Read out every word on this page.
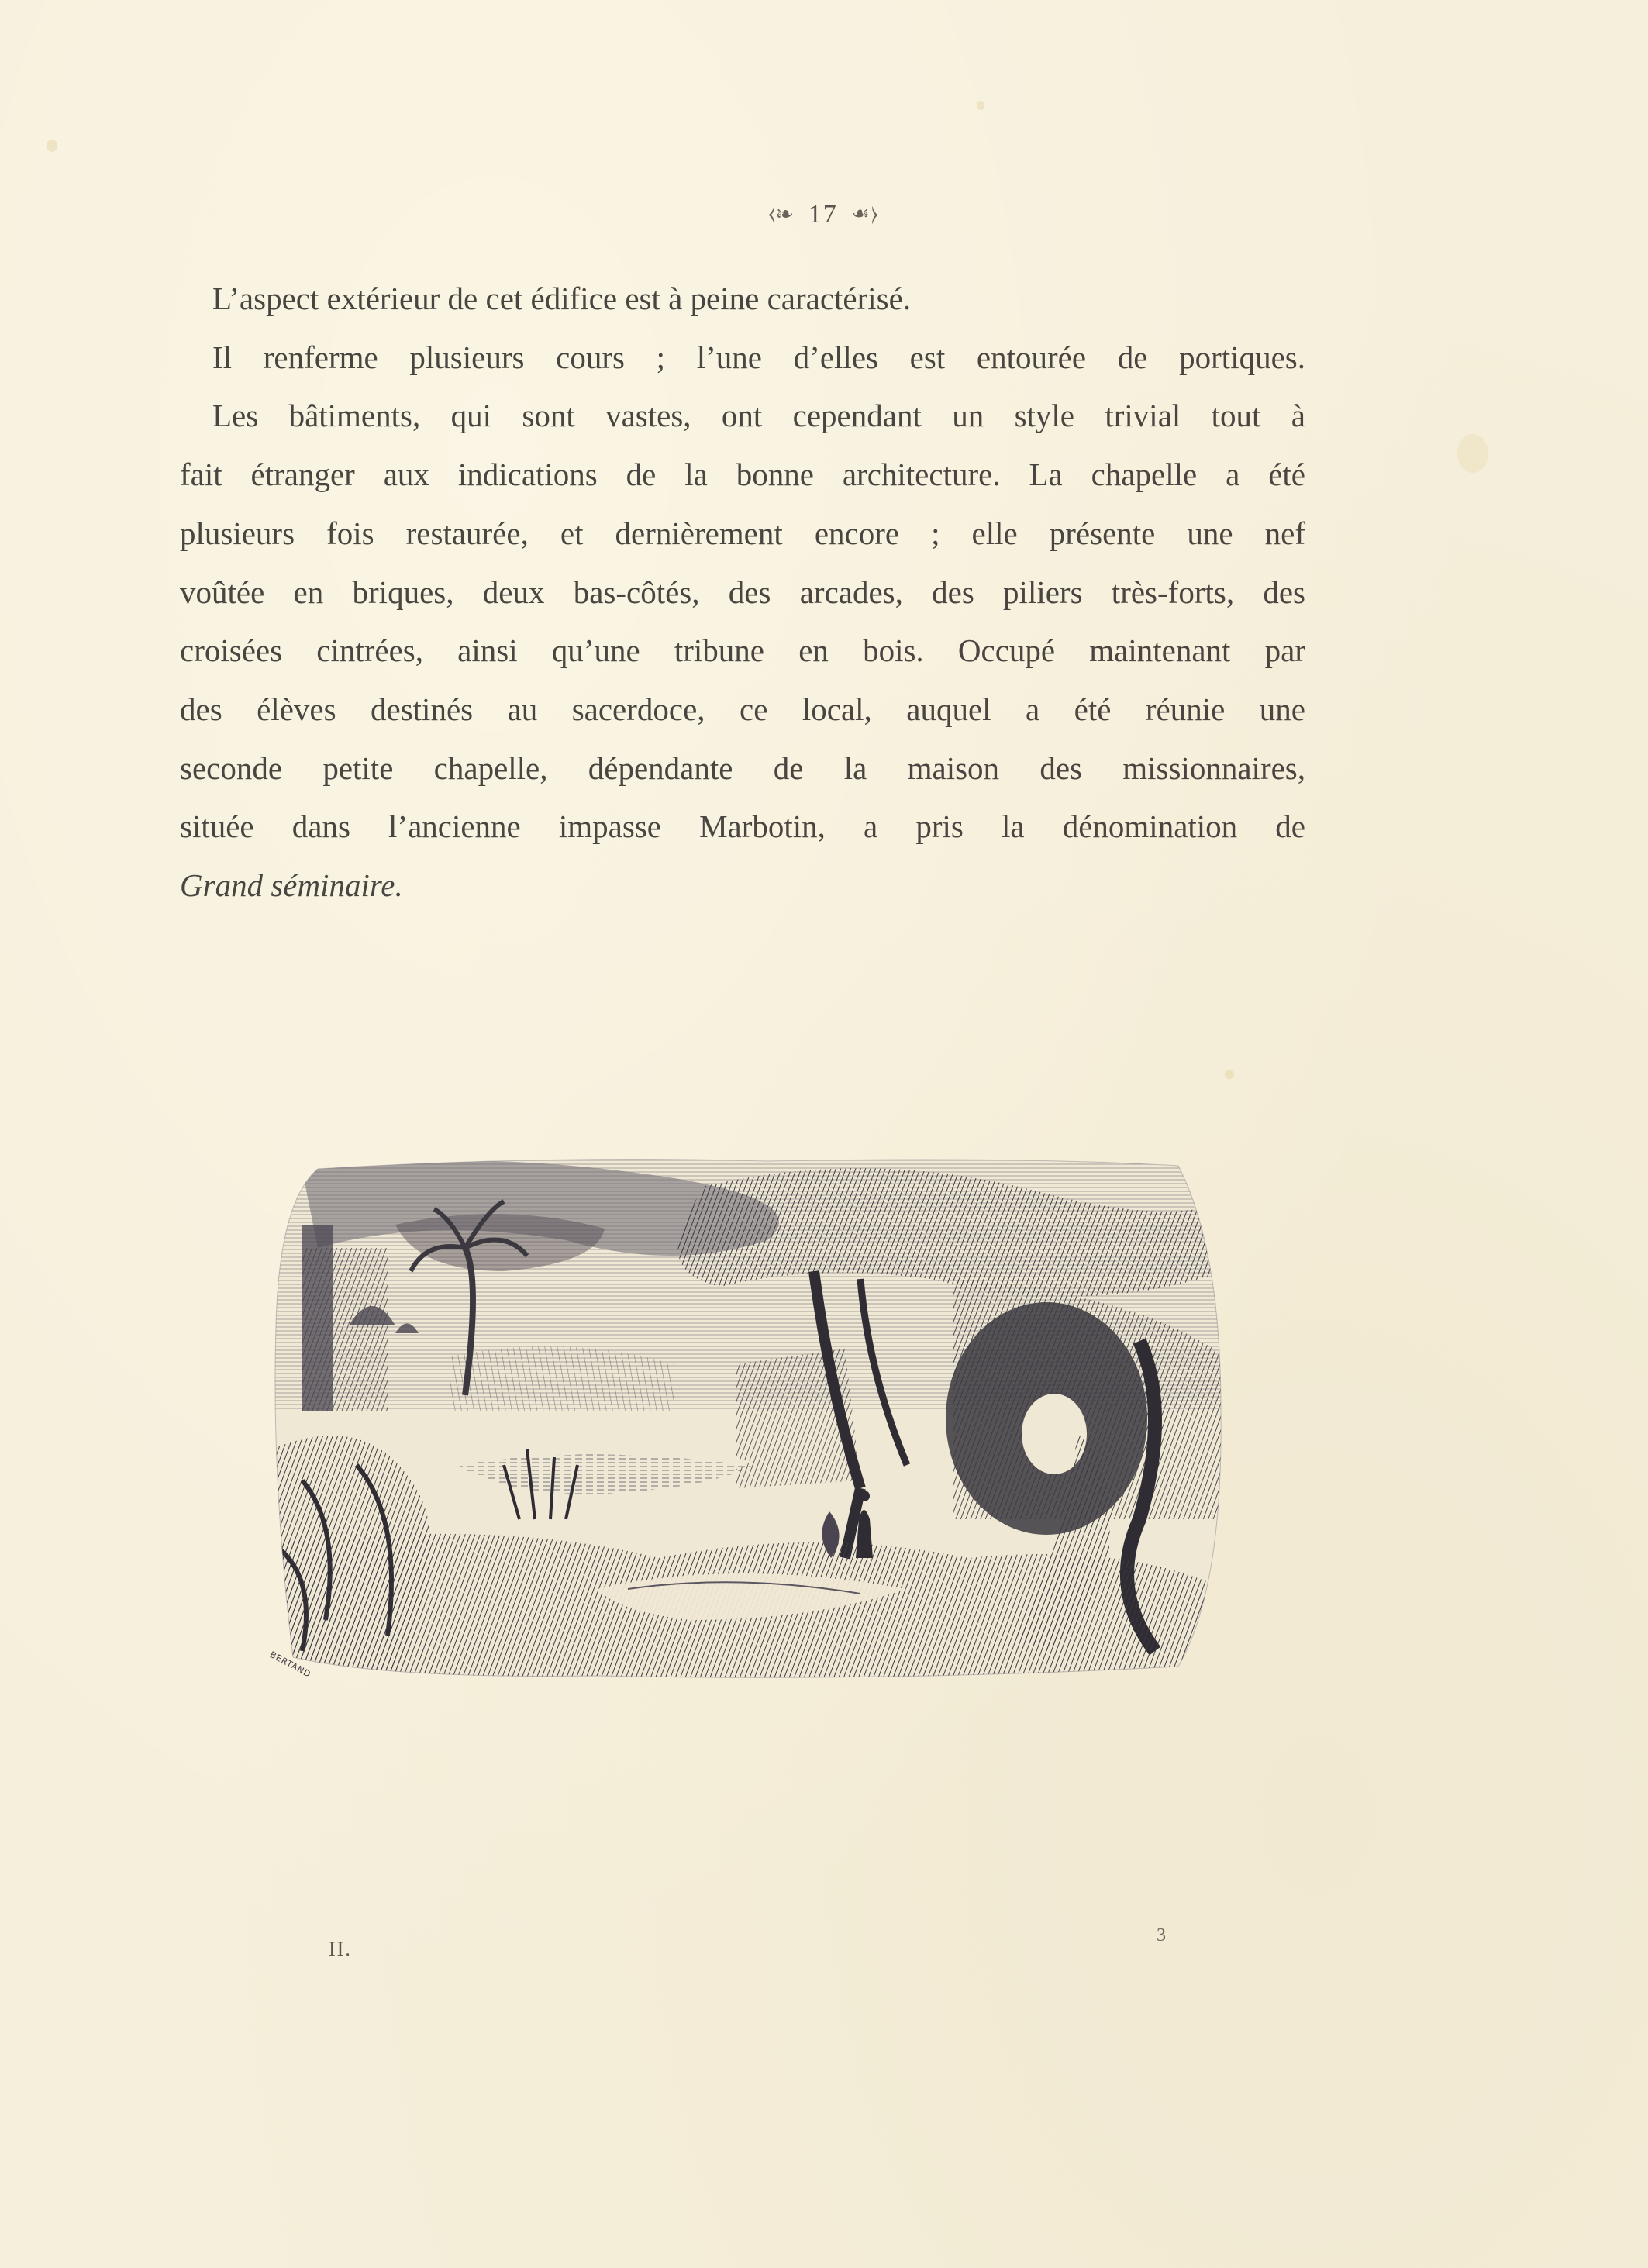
⧼❧ 17 ☙⧽

L’aspect extérieur de cet édifice est à peine caractérisé.

Il renferme plusieurs cours ; l’une d’elles est entourée de portiques.

Les bâtiments, qui sont vastes, ont cependant un style trivial tout à
fait étranger aux indications de la bonne architecture. La chapelle a été
plusieurs fois restaurée, et dernièrement encore ; elle présente une nef
voûtée en briques, deux bas-côtés, des arcades, des piliers très-forts, des
croisées cintrées, ainsi qu’une tribune en bois. Occupé maintenant par
des élèves destinés au sacerdoce, ce local, auquel a été réunie une
seconde petite chapelle, dépendante de la maison des missionnaires,
située dans l’ancienne impasse Marbotin, a pris la dénomination de
Grand séminaire.

BERTAND
II.
3
